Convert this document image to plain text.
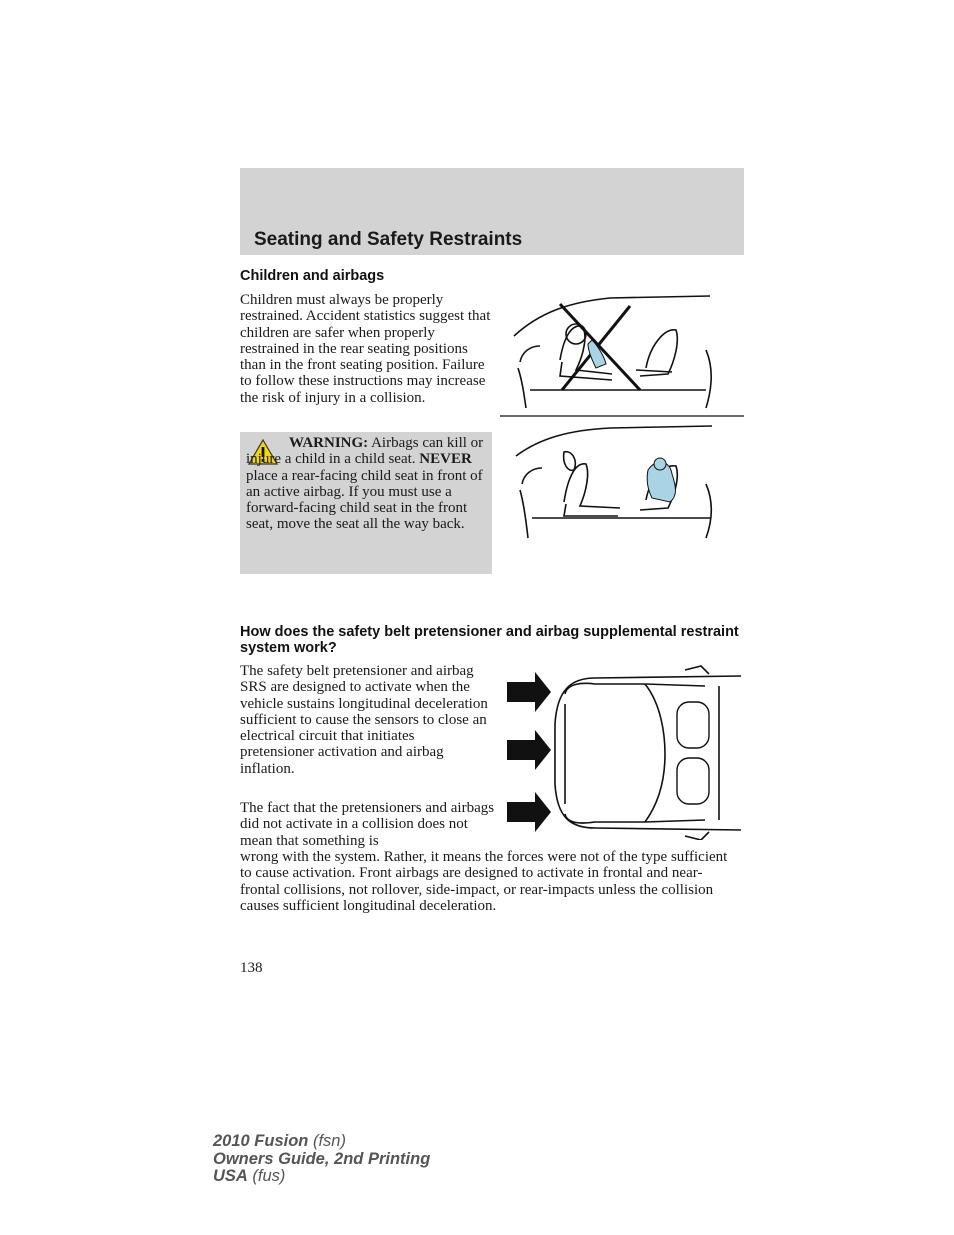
Seating and Safety Restraints
Children and airbags
Children must always be properly restrained. Accident statistics suggest that children are safer when properly restrained in the rear seating positions than in the front seating position. Failure to follow these instructions may increase the risk of injury in a collision.
WARNING: Airbags can kill or injure a child in a child seat. NEVER place a rear-facing child seat in front of an active airbag. If you must use a forward-facing child seat in the front seat, move the seat all the way back.
How does the safety belt pretensioner and airbag supplemental restraint system work?
The safety belt pretensioner and airbag SRS are designed to activate when the vehicle sustains longitudinal deceleration sufficient to cause the sensors to close an electrical circuit that initiates pretensioner activation and airbag inflation.
The fact that the pretensioners and airbags did not activate in a collision does not mean that something is
wrong with the system. Rather, it means the forces were not of the type sufficient to cause activation. Front airbags are designed to activate in frontal and near-frontal collisions, not rollover, side-impact, or rear-impacts unless the collision causes sufficient longitudinal deceleration.
138
2010 Fusion (fsn)
Owners Guide, 2nd Printing
USA (fus)
